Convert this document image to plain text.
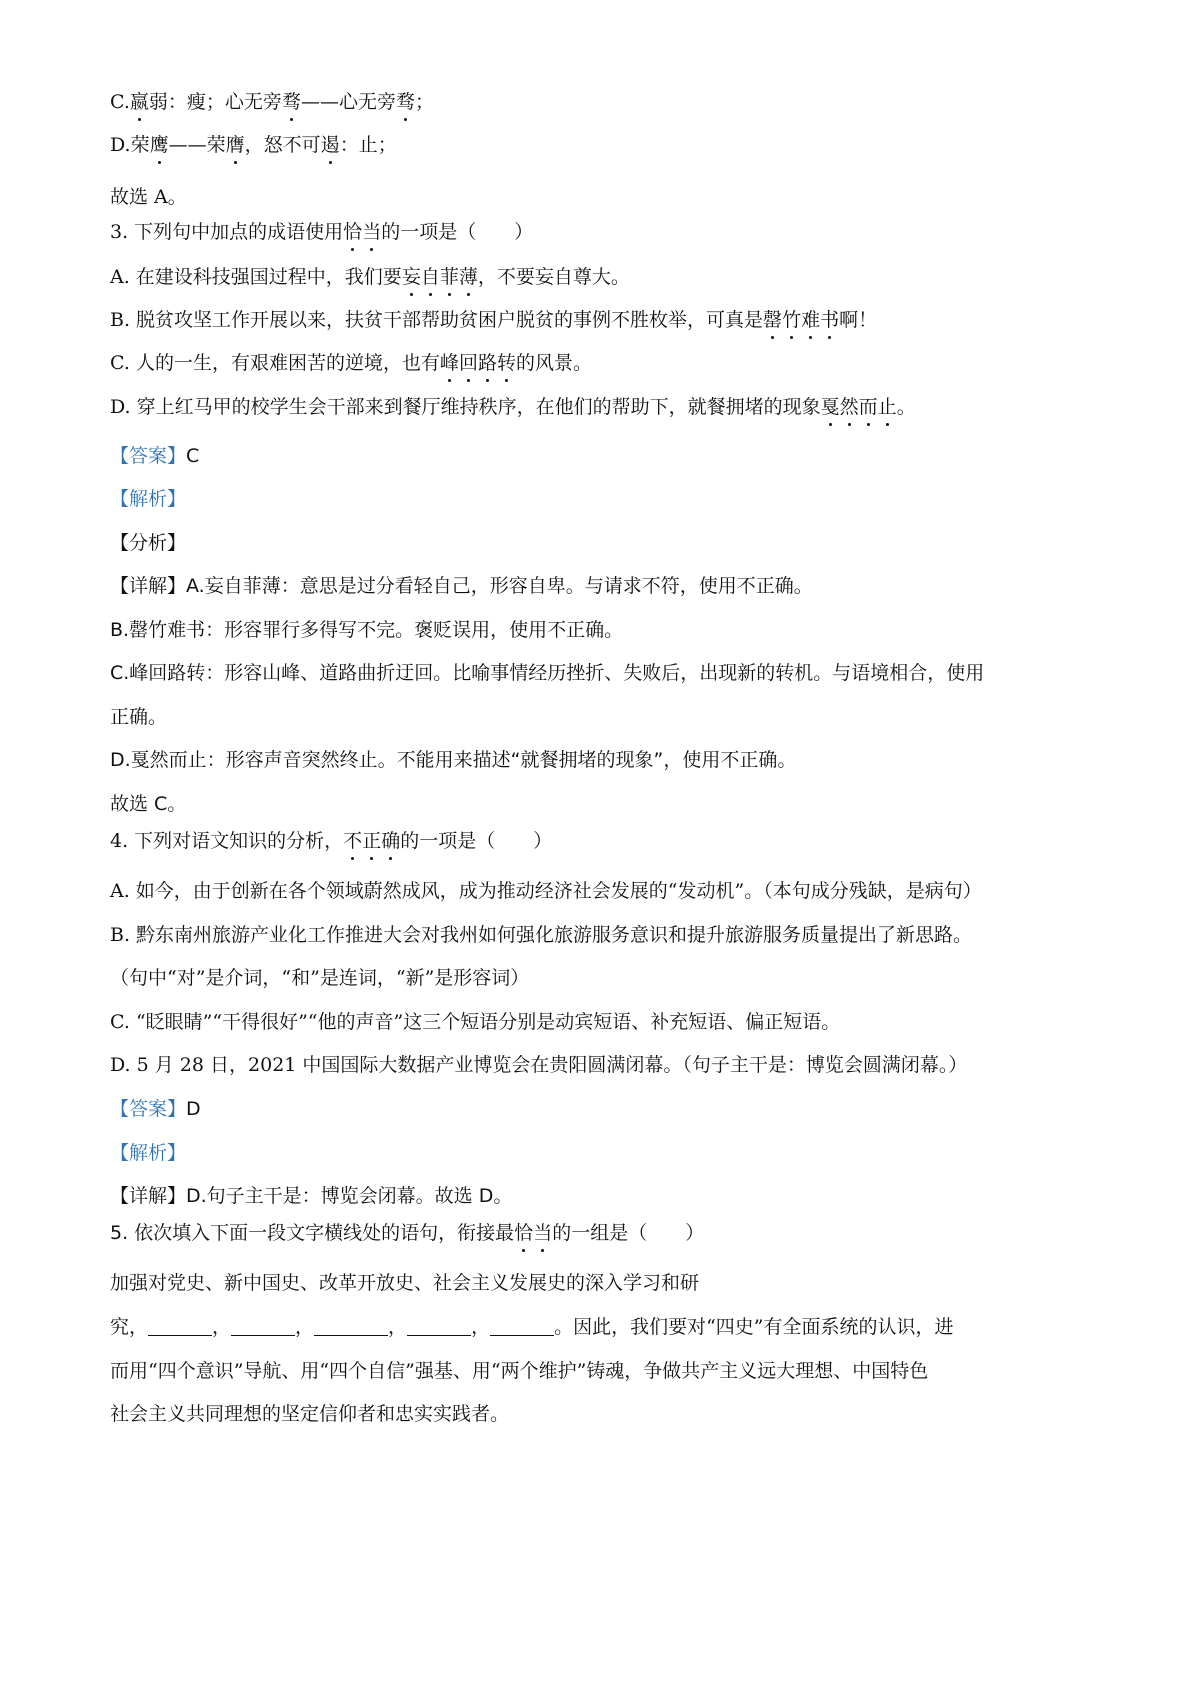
C.嬴弱：瘦；心无旁骛——心无旁骛；
D.荣鹰——荣膺，怒不可遏：止；
故选 A。
3. 下列句中加点的成语使用恰当的一项是（　　）
A. 在建设科技强国过程中，我们要妄自菲薄，不要妄自尊大。
B. 脱贫攻坚工作开展以来，扶贫干部帮助贫困户脱贫的事例不胜枚举，可真是罄竹难书啊！
C. 人的一生，有艰难困苦的逆境，也有峰回路转的风景。
D. 穿上红马甲的校学生会干部来到餐厅维持秩序，在他们的帮助下，就餐拥堵的现象戛然而止。
【答案】C
【解析】
【分析】
【详解】A.妄自菲薄：意思是过分看轻自己，形容自卑。与请求不符，使用不正确。
B.罄竹难书：形容罪行多得写不完。褒贬误用，使用不正确。
C.峰回路转：形容山峰、道路曲折迂回。比喻事情经历挫折、失败后，出现新的转机。与语境相合，使用
正确。
D.戛然而止：形容声音突然终止。不能用来描述“就餐拥堵的现象”，使用不正确。
故选 C。
4. 下列对语文知识的分析，不正确的一项是（　　）
A. 如今，由于创新在各个领域蔚然成风，成为推动经济社会发展的“发动机”。（本句成分残缺，是病句）
B. 黔东南州旅游产业化工作推进大会对我州如何强化旅游服务意识和提升旅游服务质量提出了新思路。
（句中“对”是介词，“和”是连词，“新”是形容词）
C. “眨眼睛”“干得很好”“他的声音”这三个短语分别是动宾短语、补充短语、偏正短语。
D. 5 月 28 日，2021 中国国际大数据产业博览会在贵阳圆满闭幕。（句子主干是：博览会圆满闭幕。）
【答案】D
【解析】
【详解】D.句子主干是：博览会闭幕。故选 D。
5. 依次填入下面一段文字横线处的语句，衔接最恰当的一组是（　　）
加强对党史、新中国史、改革开放史、社会主义发展史的深入学习和研
究，	，	，	，	，	。因此，我们要对“四史”有全面系统的认识，进
而用“四个意识”导航、用“四个自信”强基、用“两个维护”铸魂，争做共产主义远大理想、中国特色
社会主义共同理想的坚定信仰者和忠实实践者。
